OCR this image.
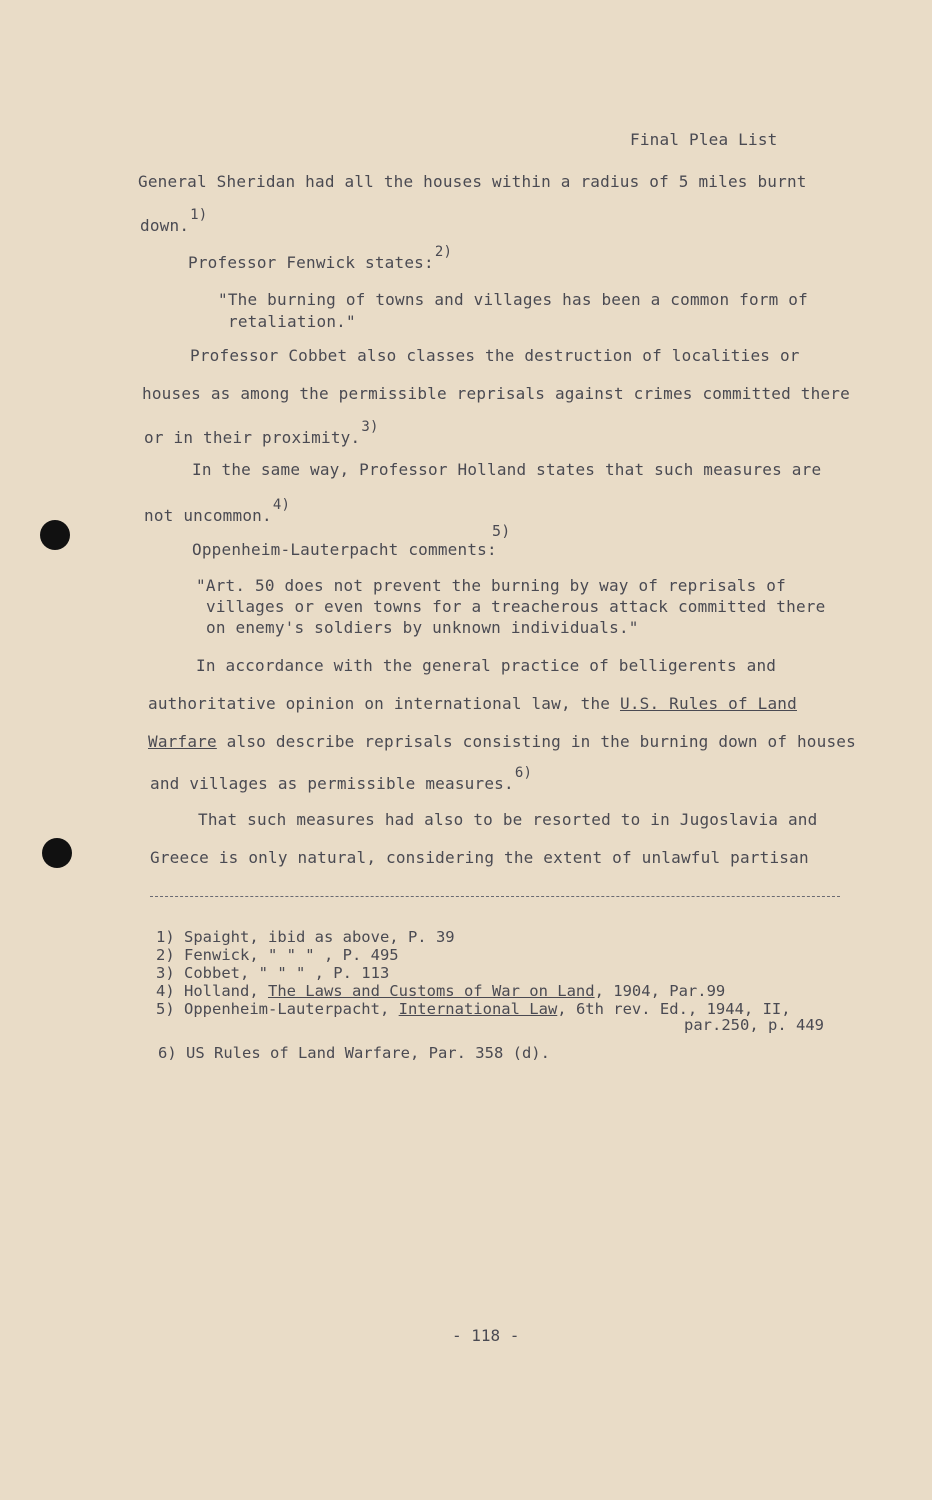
Final Plea List
General Sheridan had all the houses within a radius of 5 miles burnt
down.1)
Professor Fenwick states:2)
"The burning of towns and villages has been a common form of
retaliation."
Professor Cobbet also classes the destruction of localities or
houses as among the permissible reprisals against crimes committed there
or in their proximity.3)
In the same way, Professor Holland states that such measures are
not uncommon.4)
Oppenheim-Lauterpacht comments:
5)
"Art. 50 does not prevent the burning by way of reprisals of
villages or even towns for a treacherous attack committed there
on enemy's soldiers by unknown individuals."
In accordance with the general practice of belligerents and
authoritative opinion on international law, the U.S. Rules of Land
Warfare also describe reprisals consisting in the burning down of houses
and villages as permissible measures.6)
That such measures had also to be resorted to in Jugoslavia and
Greece is only natural, considering the extent of unlawful partisan
1) Spaight, ibid as above, P. 39
2) Fenwick, " " " , P. 495
3) Cobbet, " " " , P. 113
4) Holland, The Laws and Customs of War on Land, 1904, Par.99
5) Oppenheim-Lauterpacht, International Law, 6th rev. Ed., 1944, II,
par.250, p. 449
6) US Rules of Land Warfare, Par. 358 (d).
- 118 -
